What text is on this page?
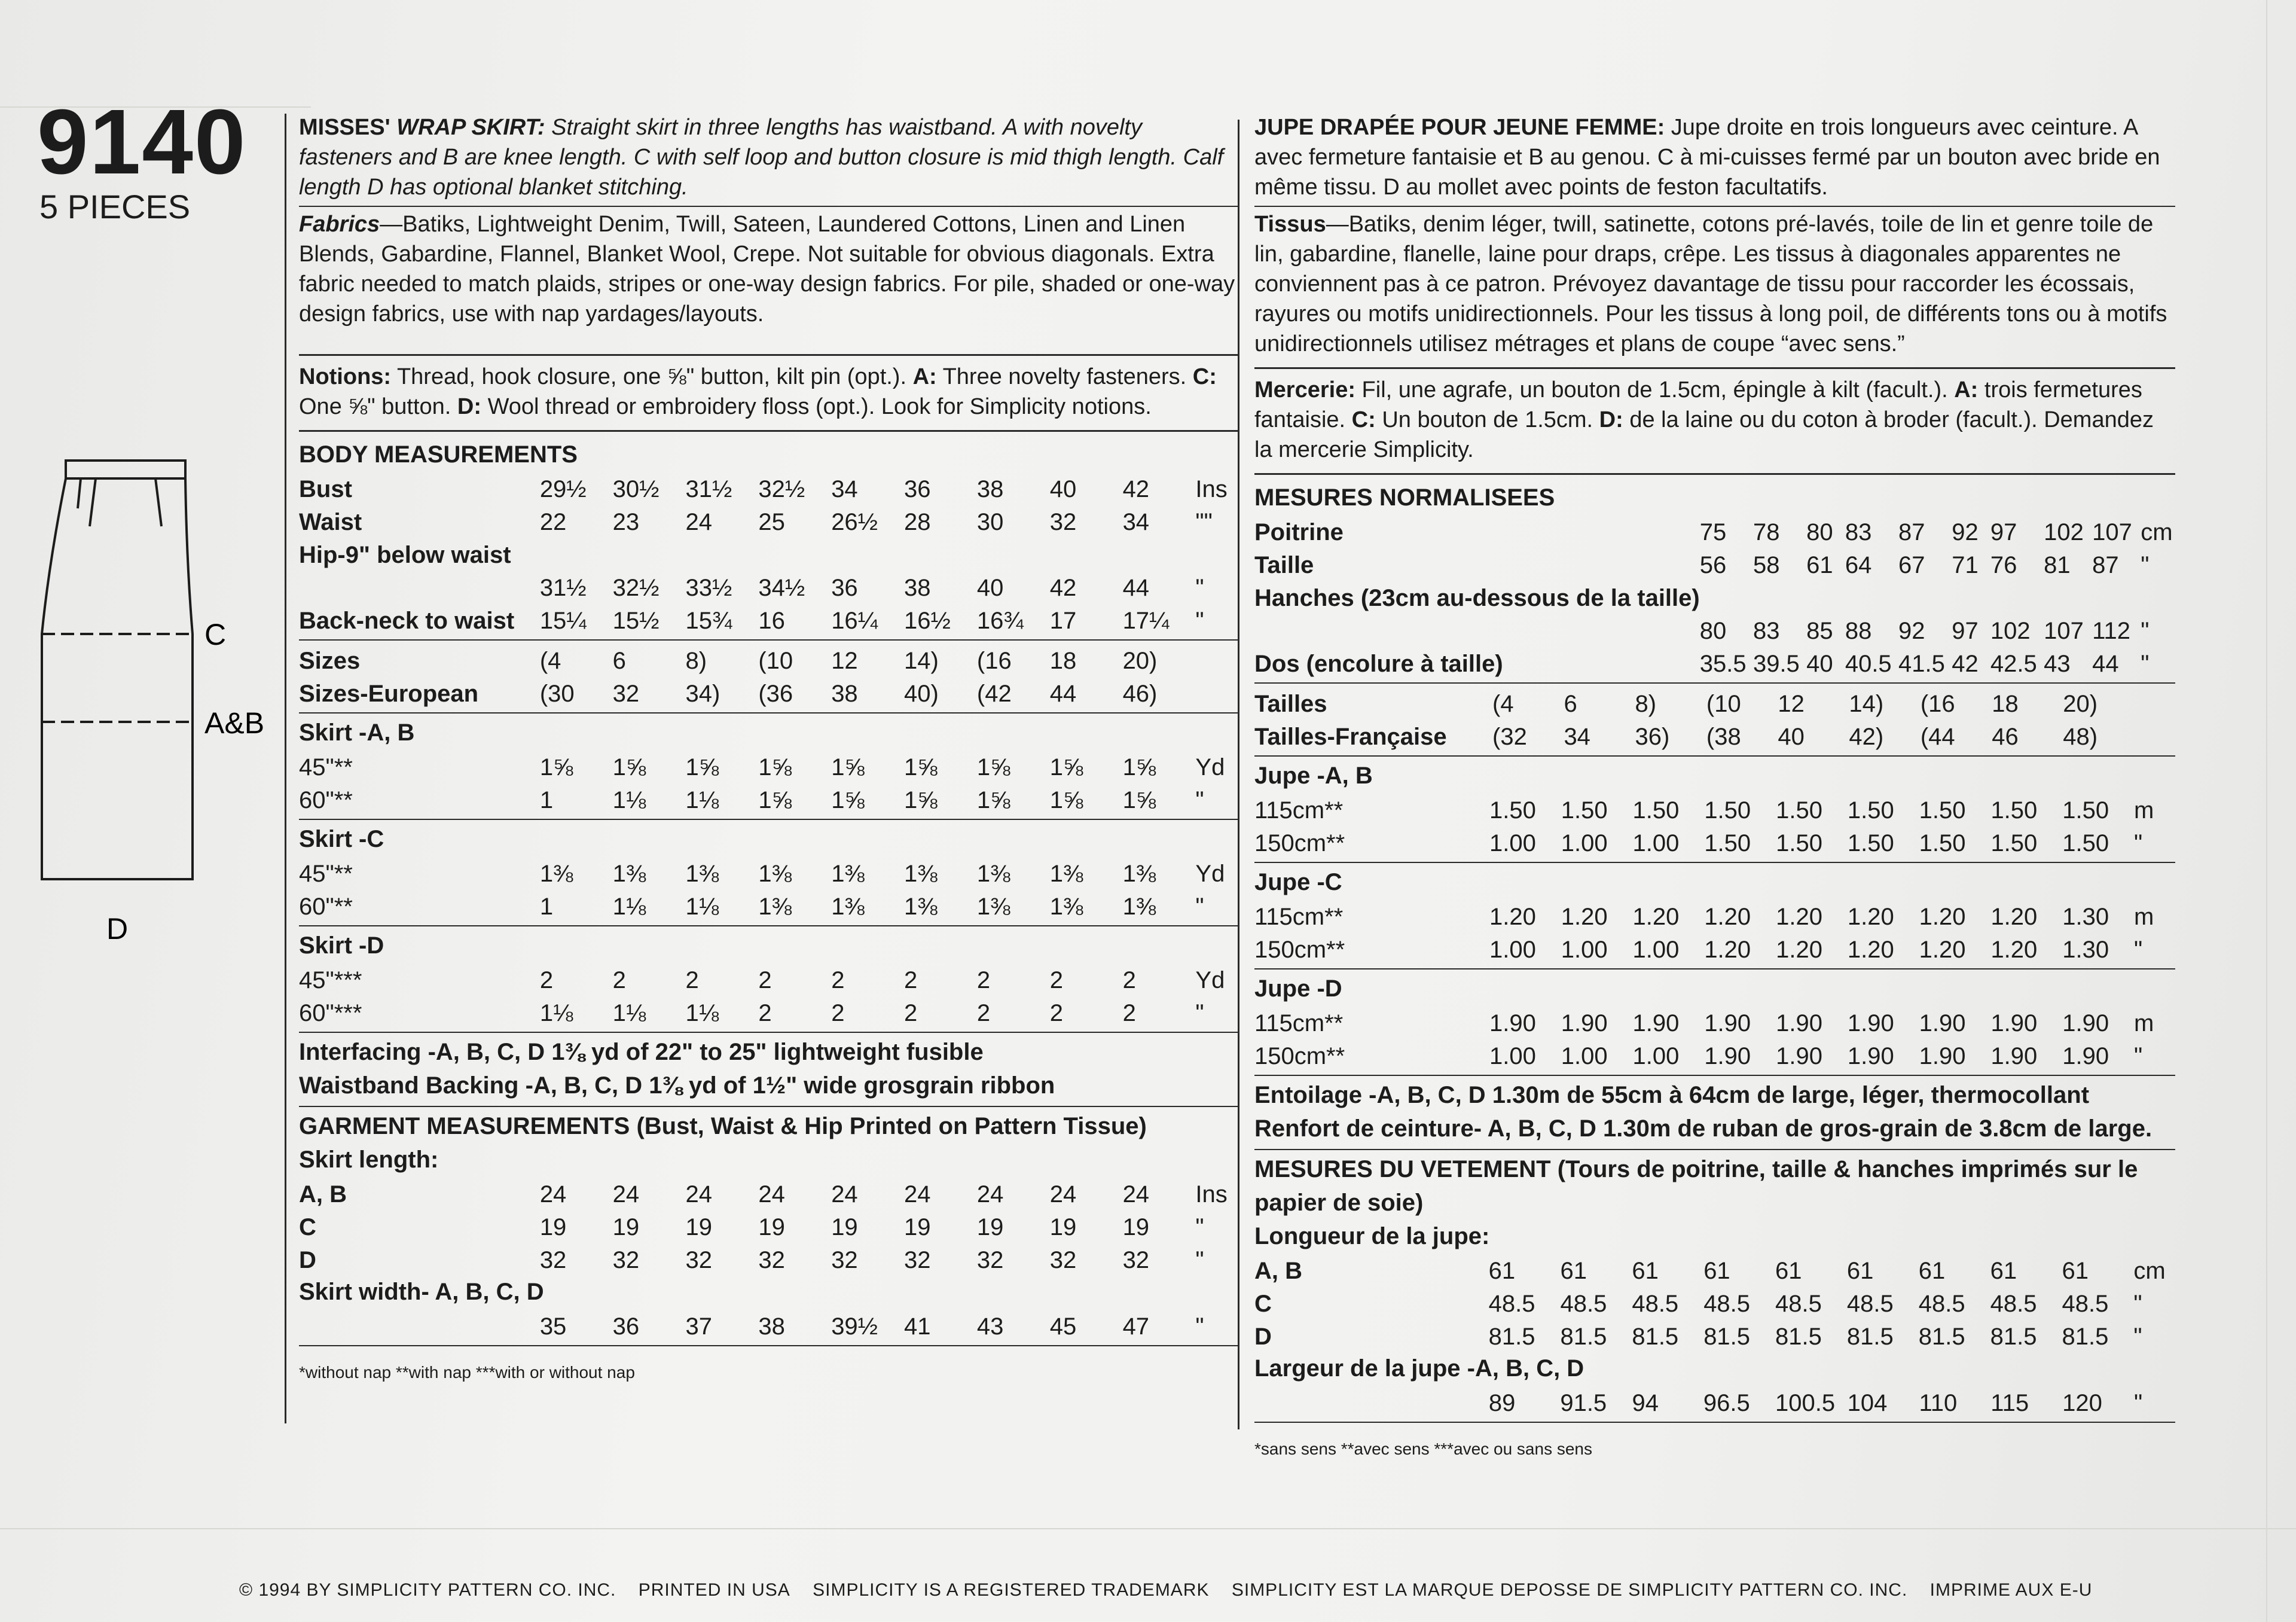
9140
5 PIECES
C
A&B
D

MISSES' WRAP SKIRT: Straight skirt in three lengths has waistband. A with novelty fasteners and B are knee length. C with self loop and button closure is mid thigh length. Calf length D has optional blanket stitching.

Fabrics—Batiks, Lightweight Denim, Twill, Sateen, Laundered Cottons, Linen and Linen Blends, Gabardine, Flannel, Blanket Wool, Crepe. Not suitable for obvious diagonals. Extra fabric needed to match plaids, stripes or one-way design fabrics. For pile, shaded or one-way design fabrics, use with nap yardages/layouts.

Notions: Thread, hook closure, one ⅝" button, kilt pin (opt.). A: Three novelty fasteners. C: One ⅝" button. D: Wool thread or embroidery floss (opt.). Look for Simplicity notions.

BODY MEASUREMENTS
Bust	29½	30½	31½	32½	34	36	38	40	42	Ins
Waist	22	23	24	25	26½	28	30	32	34	""
Hip-9" below waist										
	31½	32½	33½	34½	36	38	40	42	44	"
Back-neck to waist	15¼	15½	15¾	16	16¼	16½	16¾	17	17¼	"
Sizes	(4	6	8)	(10	12	14)	(16	18	20)	
Sizes-European	(30	32	34)	(36	38	40)	(42	44	46)	
Skirt -A, B
45"**	1⅝	1⅝	1⅝	1⅝	1⅝	1⅝	1⅝	1⅝	1⅝	Yd
60"**	1	1⅛	1⅛	1⅝	1⅝	1⅝	1⅝	1⅝	1⅝	"
Skirt -C
45"**	1⅜	1⅜	1⅜	1⅜	1⅜	1⅜	1⅜	1⅜	1⅜	Yd
60"**	1	1⅛	1⅛	1⅜	1⅜	1⅜	1⅜	1⅜	1⅜	"
Skirt -D
45"***	2	2	2	2	2	2	2	2	2	Yd
60"***	1⅛	1⅛	1⅛	2	2	2	2	2	2	"
Interfacing -A, B, C, D 1⅜ yd of 22" to 25" lightweight fusible
Waistband Backing -A, B, C, D 1⅜ yd of 1½" wide grosgrain ribbon
GARMENT MEASUREMENTS (Bust, Waist & Hip Printed on Pattern Tissue)
Skirt length:
A, B	24	24	24	24	24	24	24	24	24	Ins
C	19	19	19	19	19	19	19	19	19	"
D	32	32	32	32	32	32	32	32	32	"
Skirt width- A, B, C, D
	35	36	37	38	39½	41	43	45	47	"
*without nap **with nap ***with or without nap

JUPE DRAPÉE POUR JEUNE FEMME: Jupe droite en trois longueurs avec ceinture. A avec fermeture fantaisie et B au genou. C à mi-cuisses fermé par un bouton avec bride en même tissu. D au mollet avec points de feston facultatifs.

Tissus—Batiks, denim léger, twill, satinette, cotons pré-lavés, toile de lin et genre toile de lin, gabardine, flanelle, laine pour draps, crêpe. Les tissus à diagonales apparentes ne conviennent pas à ce patron. Prévoyez davantage de tissu pour raccorder les écossais, rayures ou motifs unidirectionnels. Pour les tissus à long poil, de différents tons ou à motifs unidirectionnels utilisez métrages et plans de coupe “avec sens.”

Mercerie: Fil, une agrafe, un bouton de 1.5cm, épingle à kilt (facult.). A: trois fermetures fantaisie. C: Un bouton de 1.5cm. D: de la laine ou du coton à broder (facult.). Demandez la mercerie Simplicity.

MESURES NORMALISEES
Poitrine	75	78	80	83	87	92	97	102	107	cm
Taille	56	58	61	64	67	71	76	81	87	"
Hanches (23cm au-dessous de la taille)										
	80	83	85	88	92	97	102	107	112	"
Dos (encolure à taille)	35.5	39.5	40	40.5	41.5	42	42.5	43	44	"
Tailles	(4	6	8)	(10	12	14)	(16	18	20)	
Tailles-Française	(32	34	36)	(38	40	42)	(44	46	48)	
Jupe -A, B
115cm**	1.50	1.50	1.50	1.50	1.50	1.50	1.50	1.50	1.50	m
150cm**	1.00	1.00	1.00	1.50	1.50	1.50	1.50	1.50	1.50	"
Jupe -C
115cm**	1.20	1.20	1.20	1.20	1.20	1.20	1.20	1.20	1.30	m
150cm**	1.00	1.00	1.00	1.20	1.20	1.20	1.20	1.20	1.30	"
Jupe -D
115cm**	1.90	1.90	1.90	1.90	1.90	1.90	1.90	1.90	1.90	m
150cm**	1.00	1.00	1.00	1.90	1.90	1.90	1.90	1.90	1.90	"
Entoilage -A, B, C, D 1.30m de 55cm à 64cm de large, léger, thermocollant
Renfort de ceinture- A, B, C, D 1.30m de ruban de gros-grain de 3.8cm de large.
MESURES DU VETEMENT (Tours de poitrine, taille & hanches imprimés sur le papier de soie)
Longueur de la jupe:
A, B	61	61	61	61	61	61	61	61	61	cm
C	48.5	48.5	48.5	48.5	48.5	48.5	48.5	48.5	48.5	"
D	81.5	81.5	81.5	81.5	81.5	81.5	81.5	81.5	81.5	"
Largeur de la jupe -A, B, C, D
	89	91.5	94	96.5	100.5	104	110	115	120	"
*sans sens **avec sens ***avec ou sans sens
© 1994 BY SIMPLICITY PATTERN CO. INC. PRINTED IN USA SIMPLICITY IS A REGISTERED TRADEMARK SIMPLICITY EST LA MARQUE DEPOSSE DE SIMPLICITY PATTERN CO. INC. IMPRIME AUX E-U
